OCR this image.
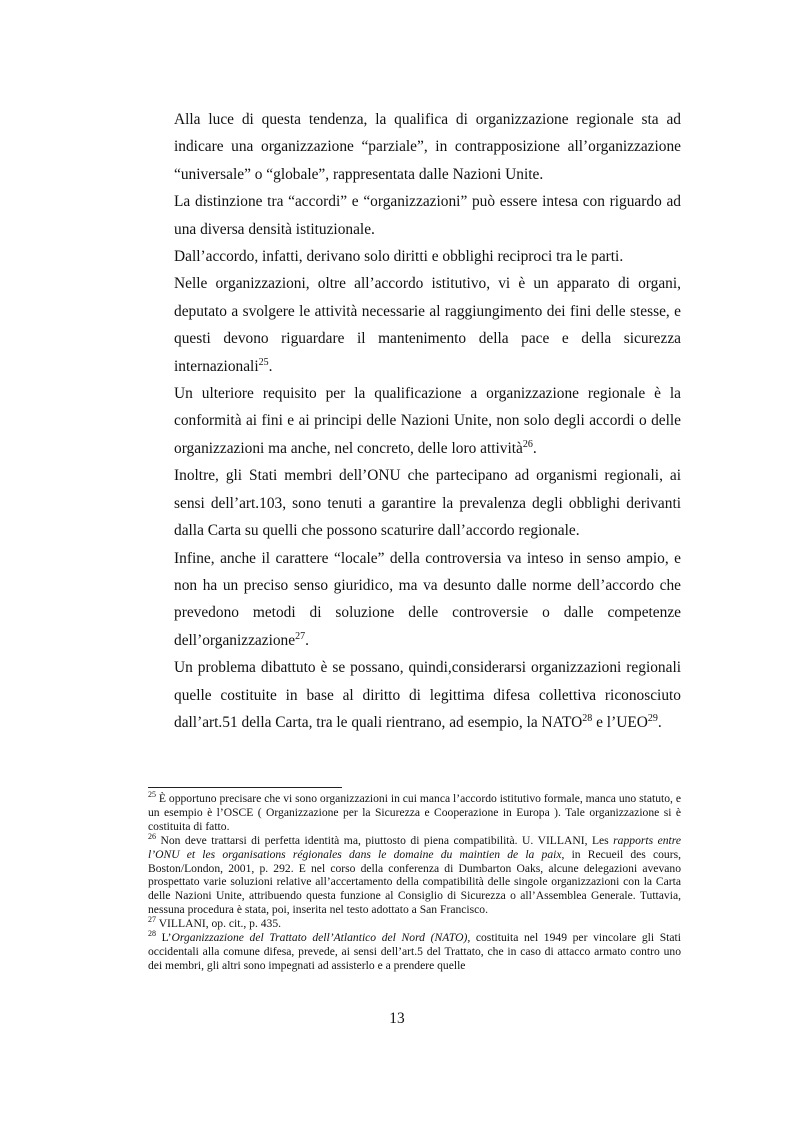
Alla luce di questa tendenza, la qualifica di organizzazione regionale sta ad indicare una organizzazione “parziale”, in contrapposizione all’organizzazione “universale” o “globale”, rappresentata dalle Nazioni Unite.

La distinzione tra “accordi” e “organizzazioni” può essere intesa con riguardo ad una diversa densità istituzionale.

Dall’accordo, infatti, derivano solo diritti e obblighi reciproci tra le parti.

Nelle organizzazioni, oltre all’accordo istitutivo, vi è un apparato di organi, deputato a svolgere le attività necessarie al raggiungimento dei fini delle stesse, e questi devono riguardare il mantenimento della pace e della sicurezza internazionali$^{25}$.

Un ulteriore requisito per la qualificazione a organizzazione regionale è la conformità ai fini e ai principi delle Nazioni Unite, non solo degli accordi o delle organizzazioni ma anche, nel concreto, delle loro attività$^{26}$.

Inoltre, gli Stati membri dell’ONU che partecipano ad organismi regionali, ai sensi dell’art.103, sono tenuti a garantire la prevalenza degli obblighi derivanti dalla Carta su quelli che possono scaturire dall’accordo regionale.

Infine, anche il carattere “locale” della controversia va inteso in senso ampio, e non ha un preciso senso giuridico, ma va desunto dalle norme dell’accordo che prevedono metodi di soluzione delle controversie o dalle competenze dell’organizzazione$^{27}$.

Un problema dibattuto è se possano, quindi,considerarsi organizzazioni regionali quelle costituite in base al diritto di legittima difesa collettiva riconosciuto dall’art.51 della Carta, tra le quali rientrano, ad esempio, la NATO$^{28}$ e l’UEO$^{29}$.

$^{25}$ È opportuno precisare che vi sono organizzazioni in cui manca l’accordo istitutivo formale, manca uno statuto, e un esempio è l’OSCE ( Organizzazione per la Sicurezza e Cooperazione in Europa ). Tale organizzazione si è costituita di fatto.

$^{26}$ Non deve trattarsi di perfetta identità ma, piuttosto di piena compatibilità. U. VILLANI, Les rapports entre l’ONU et les organisations régionales dans le domaine du maintien de la paix, in Recueil des cours, Boston/London, 2001, p. 292. E nel corso della conferenza di Dumbarton Oaks, alcune delegazioni avevano prospettato varie soluzioni relative all’accertamento della compatibilità delle singole organizzazioni con la Carta delle Nazioni Unite, attribuendo questa funzione al Consiglio di Sicurezza o all’Assemblea Generale. Tuttavia, nessuna procedura è stata, poi, inserita nel testo adottato a San Francisco.

$^{27}$ VILLANI, op. cit., p. 435.

$^{28}$ L’Organizzazione del Trattato dell’Atlantico del Nord (NATO), costituita nel 1949 per vincolare gli Stati occidentali alla comune difesa, prevede, ai sensi dell’art.5 del Trattato, che in caso di attacco armato contro uno dei membri, gli altri sono impegnati ad assisterlo e a prendere quelle

13
